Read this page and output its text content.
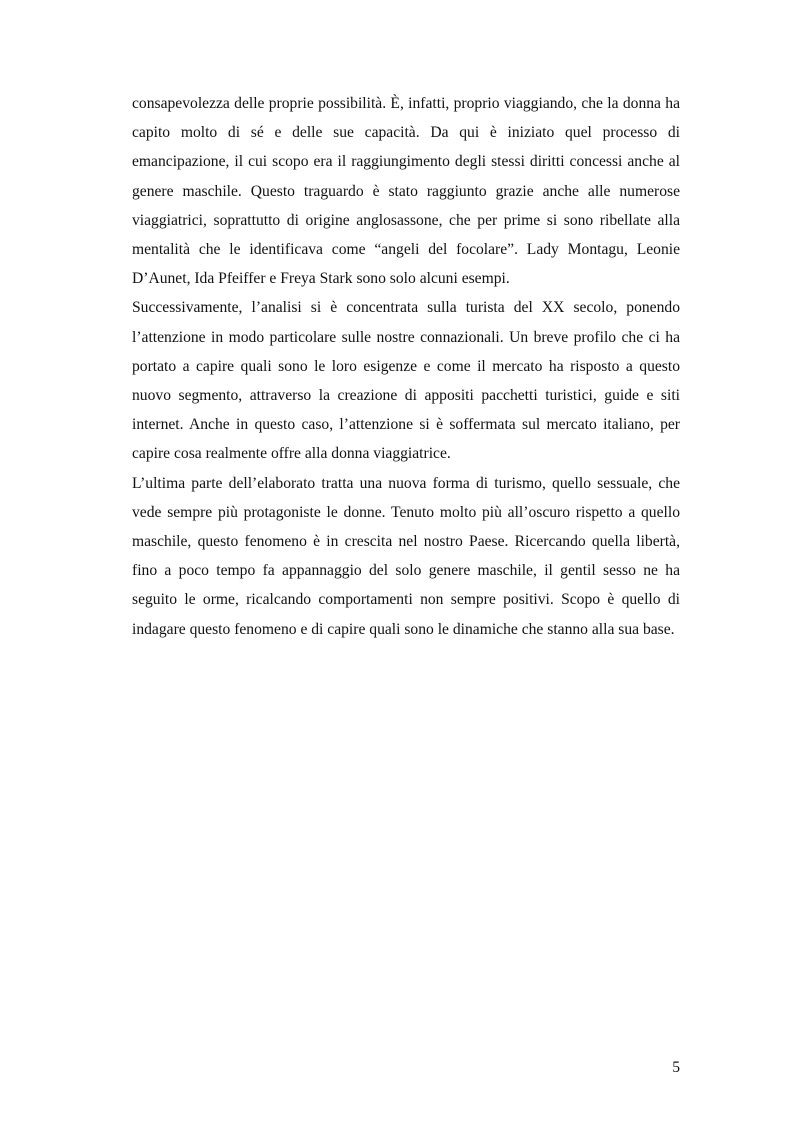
consapevolezza delle proprie possibilità. È, infatti, proprio viaggiando, che la donna ha capito molto di sé e delle sue capacità. Da qui è iniziato quel processo di emancipazione, il cui scopo era il raggiungimento degli stessi diritti concessi anche al genere maschile. Questo traguardo è stato raggiunto grazie anche alle numerose viaggiatrici, soprattutto di origine anglosassone, che per prime si sono ribellate alla mentalità che le identificava come “angeli del focolare”. Lady Montagu, Leonie D’Aunet, Ida Pfeiffer e Freya Stark sono solo alcuni esempi.

Successivamente, l’analisi si è concentrata sulla turista del XX secolo, ponendo l’attenzione in modo particolare sulle nostre connazionali. Un breve profilo che ci ha portato a capire quali sono le loro esigenze e come il mercato ha risposto a questo nuovo segmento, attraverso la creazione di appositi pacchetti turistici, guide e siti internet. Anche in questo caso, l’attenzione si è soffermata sul mercato italiano, per capire cosa realmente offre alla donna viaggiatrice.

L’ultima parte dell’elaborato tratta una nuova forma di turismo, quello sessuale, che vede sempre più protagoniste le donne. Tenuto molto più all’oscuro rispetto a quello maschile, questo fenomeno è in crescita nel nostro Paese. Ricercando quella libertà, fino a poco tempo fa appannaggio del solo genere maschile, il gentil sesso ne ha seguito le orme, ricalcando comportamenti non sempre positivi. Scopo è quello di indagare questo fenomeno e di capire quali sono le dinamiche che stanno alla sua base.

5
